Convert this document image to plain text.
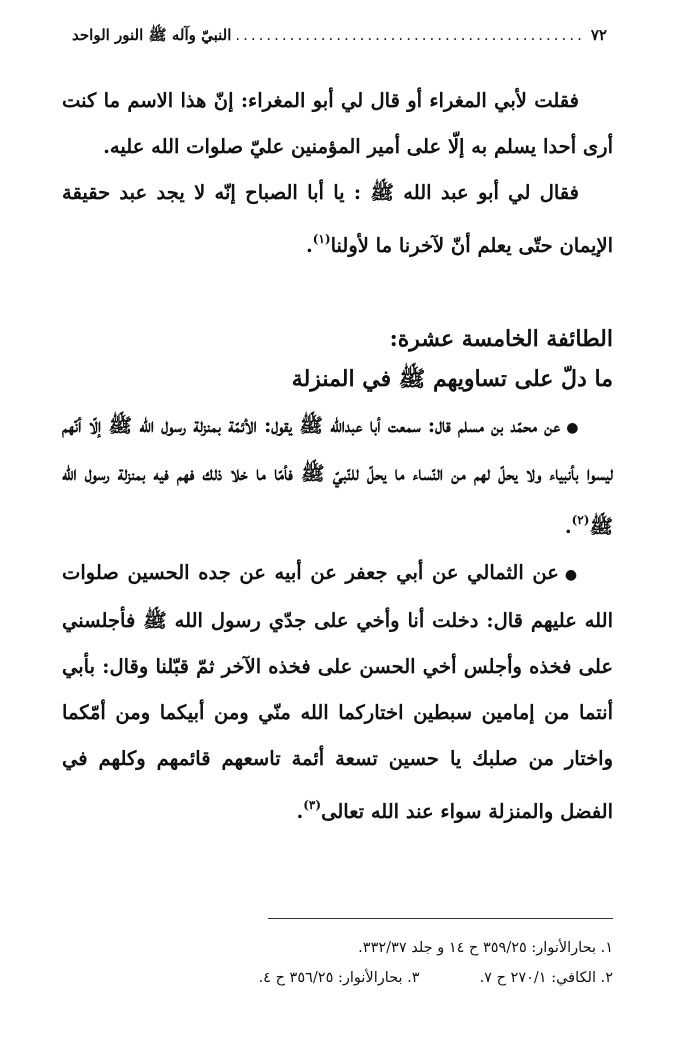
٧٢
.....
النبيّ وآله ﷺ النور الواحد

فقلت لأبي المغراء أو قال لي أبو المغراء: إنّ هذا الاسم ما كنت أرى أحدا يسلم به إلّا على أمير المؤمنين عليّ صلوات الله عليه.

فقال لي أبو عبد الله ﷺ : يا أبا الصباح إنّه لا يجد عبد حقيقة الإيمان حتّى يعلم أنّ لآخرنا ما لأولنا$^{(١)}$.

الطائفة الخامسة عشرة:
ما دلّ على تساويهم ﷺ في المنزلة

●عن محمّد بن مسلم قال: سمعت أبا عبدالله ﷺ يقول: الأئمّة بمنزلة رسول الله ﷺ إلّا أنّهم ليسوا بأنبياء ولا يحلّ لهم من النّساء ما يحلّ للنّبيّ ﷺ فأمّا ما خلا ذلك فهم فيه بمنزلة رسول الله ﷺ$^{(٢)}$.

●عن الثمالي عن أبي جعفر عن أبيه عن جده الحسين صلوات الله عليهم قال: دخلت أنا وأخي على جدّي رسول الله ﷺ فأجلسني على فخذه وأجلس أخي الحسن على فخذه الآخر ثمّ قبّلنا وقال: بأبي أنتما من إمامين سبطين اختاركما الله منّي ومن أبيكما ومن أمّكما واختار من صلبك يا حسين تسعة أئمة تاسعهم قائمهم وكلهم في الفضل والمنزلة سواء عند الله تعالى$^{(٣)}$.

١. بحارالأنوار: ٣٥٩/٢٥ ح ١٤ و جلد ٣٣٢/٣٧.
٢. الكافي: ٢٧٠/١ ح ٧.
٣. بحارالأنوار: ٣٥٦/٢٥ ح ٤.
